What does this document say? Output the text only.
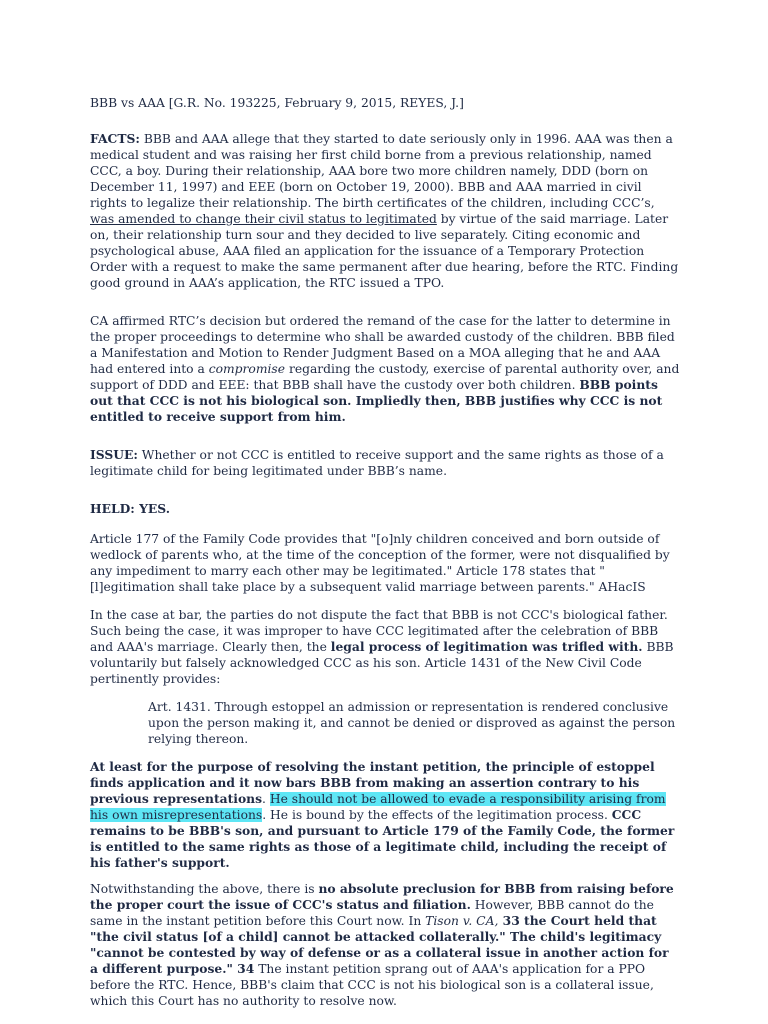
BBB vs AAA [G.R. No. 193225, February 9, 2015, REYES, J.]

FACTS: BBB and AAA allege that they started to date seriously only in 1996. AAA was then a medical student and was raising her first child borne from a previous relationship, named CCC, a boy. During their relationship, AAA bore two more children namely, DDD (born on December 11, 1997) and EEE (born on October 19, 2000). BBB and AAA married in civil rights to legalize their relationship. The birth certificates of the children, including CCC’s, was amended to change their civil status to legitimated by virtue of the said marriage. Later on, their relationship turn sour and they decided to live separately. Citing economic and psychological abuse, AAA filed an application for the issuance of a Temporary Protection Order with a request to make the same permanent after due hearing, before the RTC. Finding good ground in AAA’s application, the RTC issued a TPO.

CA affirmed RTC’s decision but ordered the remand of the case for the latter to determine in the proper proceedings to determine who shall be awarded custody of the children. BBB filed a Manifestation and Motion to Render Judgment Based on a MOA alleging that he and AAA had entered into a compromise regarding the custody, exercise of parental authority over, and support of DDD and EEE: that BBB shall have the custody over both children. BBB points out that CCC is not his biological son. Impliedly then, BBB justifies why CCC is not entitled to receive support from him.

ISSUE: Whether or not CCC is entitled to receive support and the same rights as those of a legitimate child for being legitimated under BBB’s name.

HELD: YES.

Article 177 of the Family Code provides that "[o]nly children conceived and born outside of wedlock of parents who, at the time of the conception of the former, were not disqualified by any impediment to marry each other may be legitimated." Article 178 states that "[l]egitimation shall take place by a subsequent valid marriage between parents." AHacIS

In the case at bar, the parties do not dispute the fact that BBB is not CCC's biological father. Such being the case, it was improper to have CCC legitimated after the celebration of BBB and AAA's marriage. Clearly then, the legal process of legitimation was trifled with. BBB voluntarily but falsely acknowledged CCC as his son. Article 1431 of the New Civil Code pertinently provides:

Art. 1431. Through estoppel an admission or representation is rendered conclusive upon the person making it, and cannot be denied or disproved as against the person relying thereon.

At least for the purpose of resolving the instant petition, the principle of estoppel finds application and it now bars BBB from making an assertion contrary to his previous representations. He should not be allowed to evade a responsibility arising from his own misrepresentations. He is bound by the effects of the legitimation process. CCC remains to be BBB's son, and pursuant to Article 179 of the Family Code, the former is entitled to the same rights as those of a legitimate child, including the receipt of his father's support.

Notwithstanding the above, there is no absolute preclusion for BBB from raising before the proper court the issue of CCC's status and filiation. However, BBB cannot do the same in the instant petition before this Court now. In Tison v. CA, 33 the Court held that "the civil status [of a child] cannot be attacked collaterally." The child's legitimacy "cannot be contested by way of defense or as a collateral issue in another action for a different purpose." 34 The instant petition sprang out of AAA's application for a PPO before the RTC. Hence, BBB's claim that CCC is not his biological son is a collateral issue, which this Court has no authority to resolve now.
